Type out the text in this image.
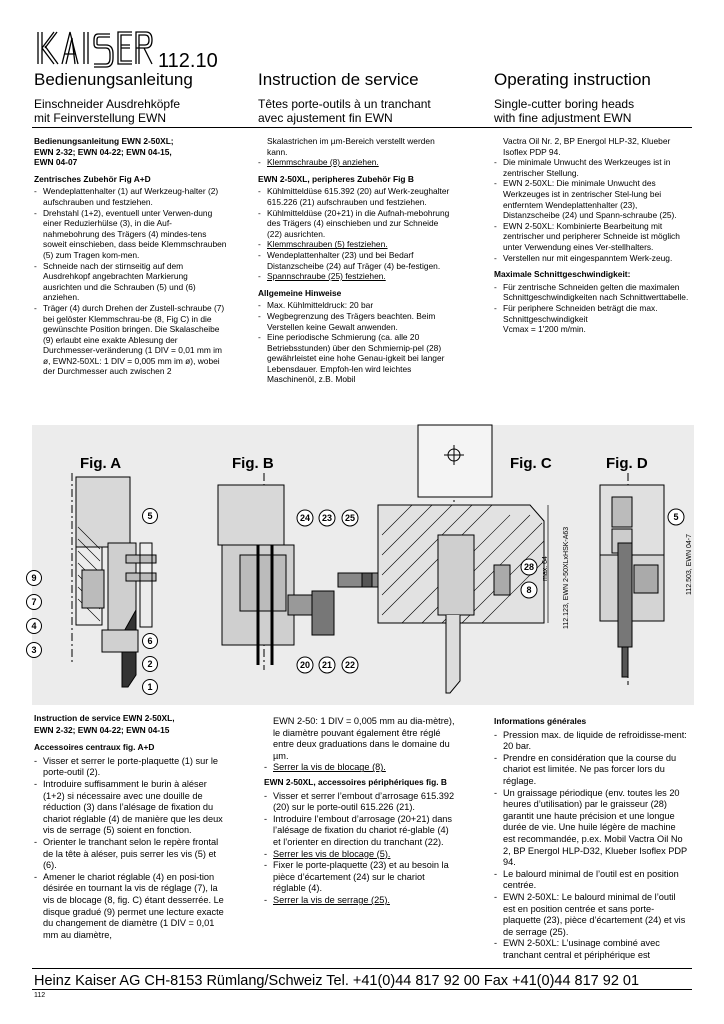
112.10
Bedienungsanleitung	Instruction de service	Operating instruction
Einschneider Ausdrehköpfe
mit Feinverstellung EWN
Têtes porte-outils à un tranchant
avec ajustement fin EWN
Single-cutter boring heads
with fine adjustment EWN
Bedienungsanleitung EWN 2-50XL;
EWN 2-32; EWN 04-22; EWN 04-15,
EWN 04-07
Zentrisches Zubehör Fig A+D
- Wendeplattenhalter (1) auf Werkzeug-halter (2) aufschrauben und festziehen.
- Drehstahl (1+2), eventuell unter Verwen-dung einer Reduzierhülse (3), in die Auf-nahmebohrung des Trägers (4) mindes-tens soweit einschieben, dass beide Klemmschrauben (5) zum Tragen kom-men.
- Schneide nach der stirnseitig auf dem Ausdrehkopf angebrachten Markierung ausrichten und die Schrauben (5) und (6) anziehen.
- Träger (4) durch Drehen der Zustell-schraube (7) bei gelöster Klemmschrau-be (8, Fig C) in die gewünschte Position bringen. Die Skalascheibe (9) erlaubt eine exakte Ablesung der Durchmesser-veränderung (1 DIV = 0,01 mm im ø, EWN2-50XL: 1 DIV = 0,005 mm im ø), wobei der Durchmesser auch zwischen 2
Skalastrichen im µm-Bereich verstellt werden kann.
- Klemmschraube (8) anziehen.
EWN 2-50XL, peripheres Zubehör Fig B
- Kühlmitteldüse 615.392 (20) auf Werk-zeughalter 615.226 (21) aufschrauben und festziehen.
- Kühlmitteldüse (20+21) in die Aufnah-mebohrung des Trägers (4) einschieben und zur Schneide (22) ausrichten.
- Klemmschrauben (5) festziehen.
- Wendeplattenhalter (23) und bei Bedarf Distanzscheibe (24) auf Träger (4) be-festigen.
- Spannschraube (25) festziehen.
Allgemeine Hinweise
- Max. Kühlmitteldruck: 20 bar
- Wegbegrenzung des Trägers beachten. Beim Verstellen keine Gewalt anwenden.
- Eine periodische Schmierung (ca. alle 20 Betriebsstunden) über den Schmiernip-pel (28) gewährleistet eine hohe Genau-igkeit bei langer Lebensdauer. Empfoh-len wird leichtes Maschinenöl, z.B. Mobil
Vactra Oil Nr. 2, BP Energol HLP-32, Klueber Isoflex PDP 94.
- Die minimale Unwucht des Werkzeuges ist in zentrischer Stellung.
- EWN 2-50XL: Die minimale Unwucht des Werkzeuges ist in zentrischer Stel-lung bei entferntem Wendeplattenhalter (23), Distanzscheibe (24) und Spann-schraube (25).
- EWN 2-50XL: Kombinierte Bearbeitung mit zentrischer und peripherer Schneide ist möglich unter Verwendung eines Ver-stellhalters.
- Verstellen nur mit eingespanntem Werk-zeug.
Maximale Schnittgeschwindigkeit:
- Für zentrische Schneiden gelten die maximalen Schnittgeschwindigkeiten nach Schnittwerttabelle.
- Für periphere Schneiden beträgt die max. Schnittgeschwindigkeit
Vcmax = 1'200 m/min.
Fig. A	Fig. B	Fig. C	Fig. D
5
9
7
4
3
6
2
1
24 23 25
20 21 22
28
8
max. 64 112.123, EWN 2-50XLxHSK-A63
5
112.503, EWN 04-7
Instruction de service EWN 2-50XL,
EWN 2-32; EWN 04-22; EWN 04-15
Accessoires centraux fig. A+D
- Visser et serrer le porte-plaquette (1) sur le porte-outil (2).
- Introduire suffisamment le burin à aléser (1+2) si nécessaire avec une douille de réduction (3) dans l’alésage de fixation du chariot réglable (4) de manière que les deux vis de serrage (5) soient en fonction.
- Orienter le tranchant selon le repère frontal de la tête à aléser, puis serrer les vis (5) et (6).
- Amener le chariot réglable (4) en posi-tion désirée en tournant la vis de réglage (7), la vis de blocage (8, fig. C) étant desserrée. Le disque gradué (9) permet une lecture exacte du changement de diamètre (1 DIV = 0,01 mm au diamètre,
EWN 2-50: 1 DIV = 0,005 mm au dia-mètre), le diamètre pouvant également être réglé entre deux graduations dans le domaine du µm.
- Serrer la vis de blocage (8).
EWN 2-50XL, accessoires périphériques fig. B
- Visser et serrer l’embout d’arrosage 615.392 (20) sur le porte-outil 615.226 (21).
- Introduire l’embout d’arrosage (20+21) dans l’alésage de fixation du chariot ré-glable (4) et l’orienter en direction du tranchant (22).
- Serrer les vis de blocage (5).
- Fixer le porte-plaquette (23) et au besoin la pièce d’écartement (24) sur le chariot réglable (4).
- Serrer la vis de serrage (25).
Informations générales
- Pression max. de liquide de refroidisse-ment: 20 bar.
- Prendre en considération que la course du chariot est limitée. Ne pas forcer lors du réglage.
- Un graissage périodique (env. toutes les 20 heures d’utilisation) par le graisseur (28) garantit une haute précision et une longue durée de vie. Une huile légère de machine est recommandée, p.ex. Mobil Vactra Oil No 2, BP Energol HLP-D32, Klueber Isoflex PDP 94.
- Le balourd minimal de l’outil est en position centrée.
- EWN 2-50XL: Le balourd minimal de l’outil est en position centrée et sans porte-plaquette (23), pièce d’écartement (24) et vis de serrage (25).
- EWN 2-50XL: L’usinage combiné avec tranchant central et périphérique est
Heinz Kaiser AG CH-8153 Rümlang/Schweiz Tel. +41(0)44 817 92 00 Fax +41(0)44 817 92 01
112
